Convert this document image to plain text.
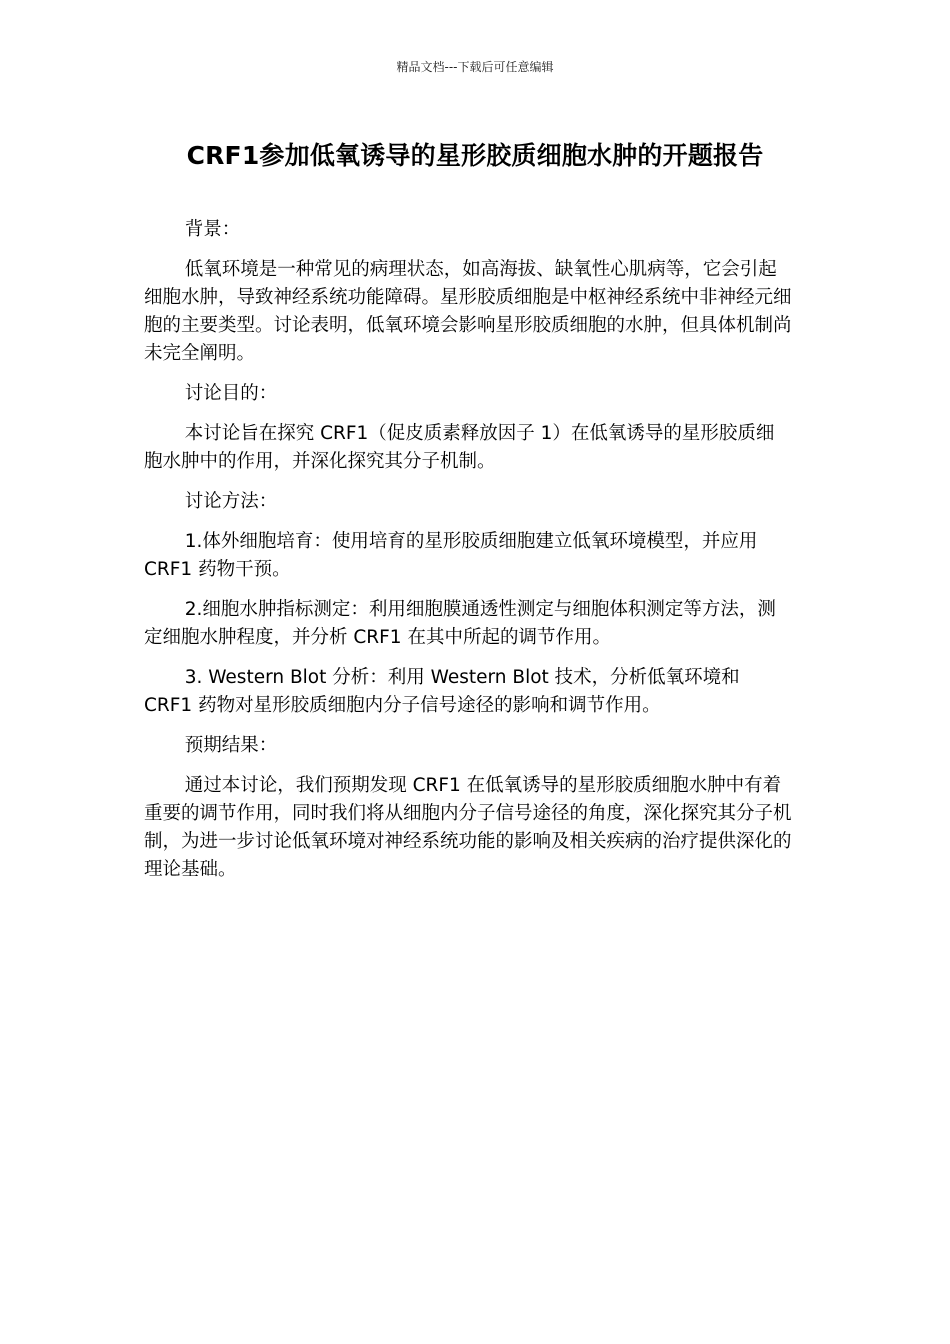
精品文档---下载后可任意编辑
CRF1参加低氧诱导的星形胶质细胞水肿的开题报告

背景：

低氧环境是一种常见的病理状态，如高海拔、缺氧性心肌病等，它会引起细胞水肿，导致神经系统功能障碍。星形胶质细胞是中枢神经系统中非神经元细胞的主要类型。讨论表明，低氧环境会影响星形胶质细胞的水肿，但具体机制尚未完全阐明。

讨论目的：

本讨论旨在探究 CRF1（促皮质素释放因子 1）在低氧诱导的星形胶质细胞水肿中的作用，并深化探究其分子机制。

讨论方法：

1.体外细胞培育：使用培育的星形胶质细胞建立低氧环境模型，并应用 CRF1 药物干预。

2.细胞水肿指标测定：利用细胞膜通透性测定与细胞体积测定等方法，测定细胞水肿程度，并分析 CRF1 在其中所起的调节作用。

3. Western Blot 分析：利用 Western Blot 技术，分析低氧环境和 CRF1 药物对星形胶质细胞内分子信号途径的影响和调节作用。

预期结果：

通过本讨论，我们预期发现 CRF1 在低氧诱导的星形胶质细胞水肿中有着重要的调节作用，同时我们将从细胞内分子信号途径的角度，深化探究其分子机制，为进一步讨论低氧环境对神经系统功能的影响及相关疾病的治疗提供深化的理论基础。
